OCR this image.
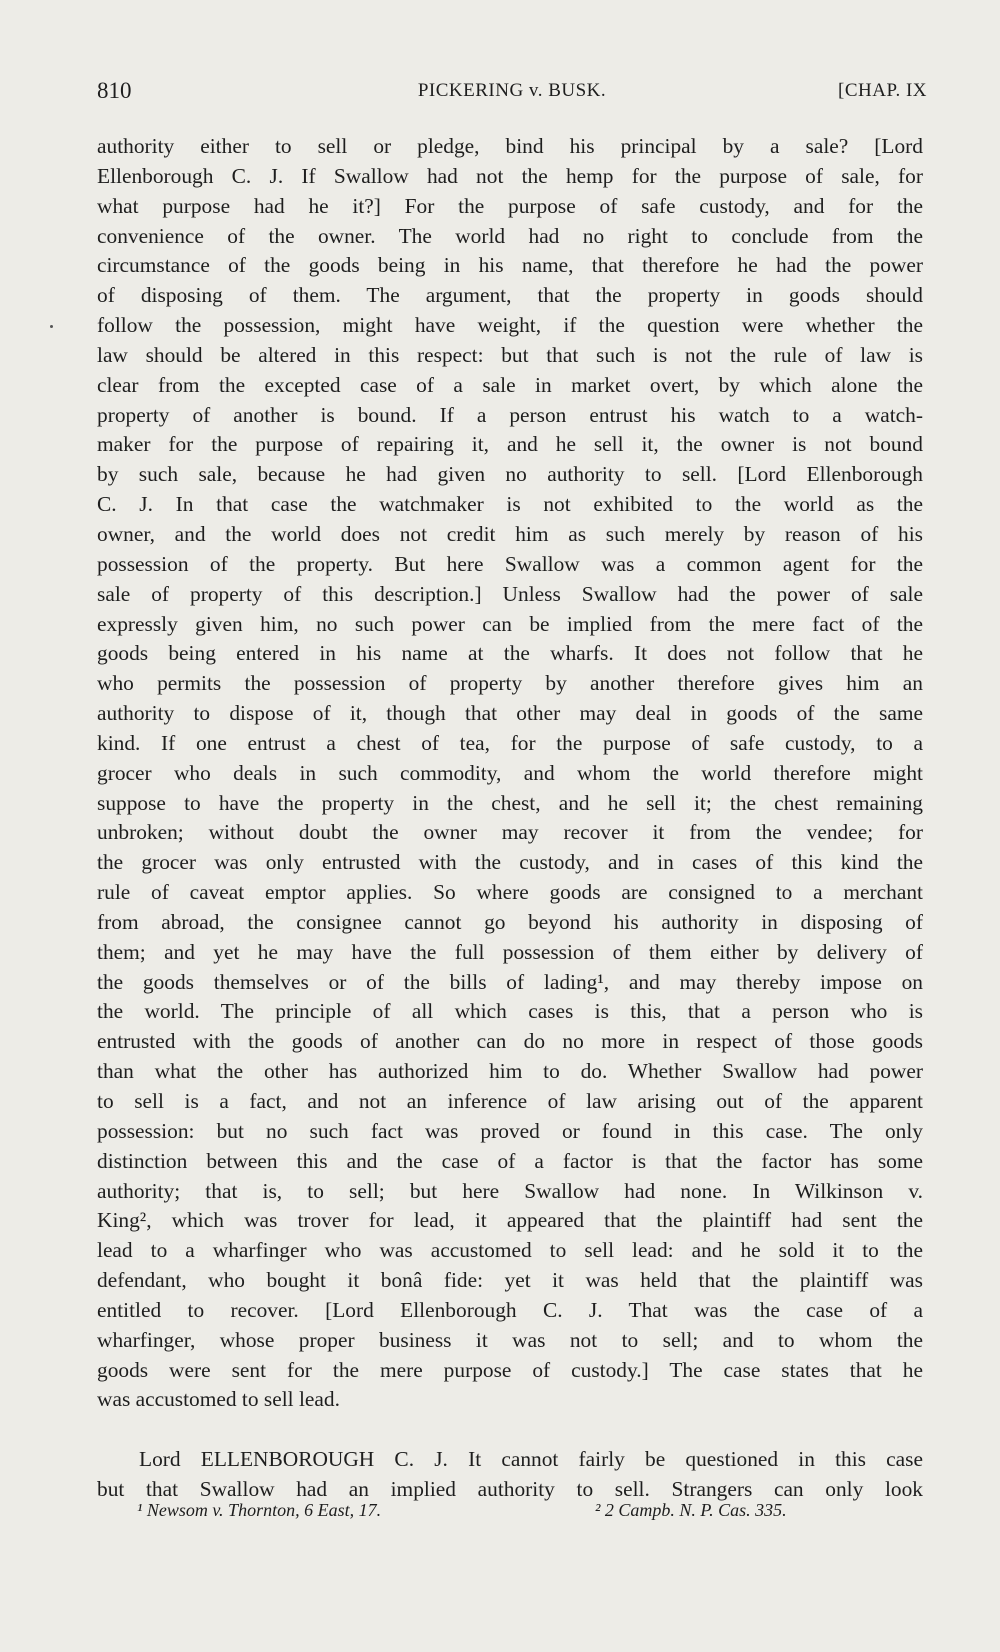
810	PICKERING v. BUSK.	[CHAP. IX
authority either to sell or pledge, bind his principal by a sale? [Lord
Ellenborough C. J. If Swallow had not the hemp for the purpose of sale, for
what purpose had he it?] For the purpose of safe custody, and for the
convenience of the owner. The world had no right to conclude from the
circumstance of the goods being in his name, that therefore he had the power
of disposing of them. The argument, that the property in goods should
follow the possession, might have weight, if the question were whether the
law should be altered in this respect: but that such is not the rule of law is
clear from the excepted case of a sale in market overt, by which alone the
property of another is bound. If a person entrust his watch to a watch-
maker for the purpose of repairing it, and he sell it, the owner is not bound
by such sale, because he had given no authority to sell. [Lord Ellenborough
C. J. In that case the watchmaker is not exhibited to the world as the
owner, and the world does not credit him as such merely by reason of his
possession of the property. But here Swallow was a common agent for the
sale of property of this description.] Unless Swallow had the power of sale
expressly given him, no such power can be implied from the mere fact of the
goods being entered in his name at the wharfs. It does not follow that he
who permits the possession of property by another therefore gives him an
authority to dispose of it, though that other may deal in goods of the same
kind. If one entrust a chest of tea, for the purpose of safe custody, to a
grocer who deals in such commodity, and whom the world therefore might
suppose to have the property in the chest, and he sell it; the chest remaining
unbroken; without doubt the owner may recover it from the vendee; for
the grocer was only entrusted with the custody, and in cases of this kind the
rule of caveat emptor applies. So where goods are consigned to a merchant
from abroad, the consignee cannot go beyond his authority in disposing of
them; and yet he may have the full possession of them either by delivery of
the goods themselves or of the bills of lading¹, and may thereby impose on
the world. The principle of all which cases is this, that a person who is
entrusted with the goods of another can do no more in respect of those goods
than what the other has authorized him to do. Whether Swallow had power
to sell is a fact, and not an inference of law arising out of the apparent
possession: but no such fact was proved or found in this case. The only
distinction between this and the case of a factor is that the factor has some
authority; that is, to sell; but here Swallow had none. In Wilkinson v.
King², which was trover for lead, it appeared that the plaintiff had sent the
lead to a wharfinger who was accustomed to sell lead: and he sold it to the
defendant, who bought it bonâ fide: yet it was held that the plaintiff was
entitled to recover. [Lord Ellenborough C. J. That was the case of a
wharfinger, whose proper business it was not to sell; and to whom the
goods were sent for the mere purpose of custody.] The case states that he
was accustomed to sell lead.
Lord ELLENBOROUGH C. J. It cannot fairly be questioned in this case
but that Swallow had an implied authority to sell. Strangers can only look
¹ Newsom v. Thornton, 6 East, 17.	² 2 Campb. N. P. Cas. 335.
